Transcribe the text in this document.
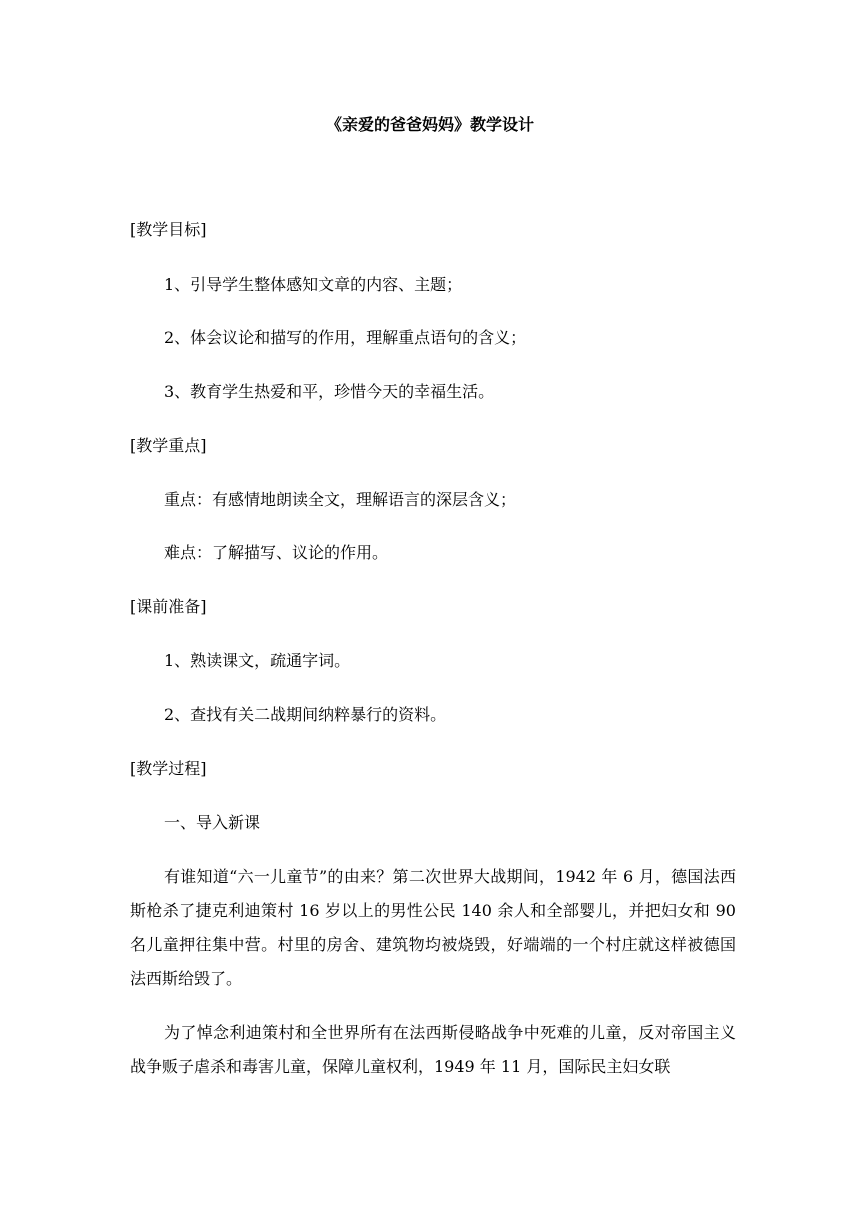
《亲爱的爸爸妈妈》教学设计

[教学目标]

1、引导学生整体感知文章的内容、主题；

2、体会议论和描写的作用，理解重点语句的含义；

3、教育学生热爱和平，珍惜今天的幸福生活。

[教学重点]

重点：有感情地朗读全文，理解语言的深层含义；

难点：了解描写、议论的作用。

[课前准备]

1、熟读课文，疏通字词。

2、查找有关二战期间纳粹暴行的资料。

[教学过程]

一、导入新课

有谁知道“六一儿童节”的由来？第二次世界大战期间，1942 年 6 月，德国法西斯枪杀了捷克利迪策村 16 岁以上的男性公民 140 余人和全部婴儿，并把妇女和 90 名儿童押往集中营。村里的房舍、建筑物均被烧毁，好端端的一个村庄就这样被德国法西斯给毁了。

为了悼念利迪策村和全世界所有在法西斯侵略战争中死难的儿童，反对帝国主义战争贩子虐杀和毒害儿童，保障儿童权利，1949 年 11 月，国际民主妇女联
